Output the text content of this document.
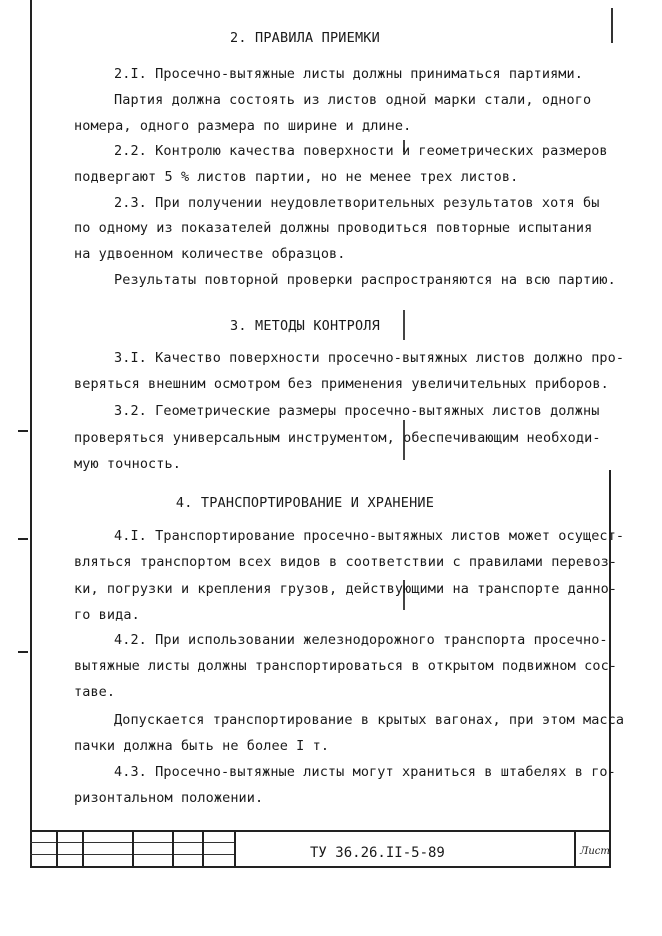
2. ПРАВИЛА ПРИЕМКИ
2.I. Просечно-вытяжные листы должны приниматься партиями.
Партия должна состоять из листов одной марки стали, одного
номера, одного размера по ширине и длине.
2.2. Контролю качества поверхности и геометрических размеров
подвергают 5 % листов партии, но не менее трех листов.
2.3. При получении неудовлетворительных результатов хотя бы
по одному из показателей должны проводиться повторные испытания
на удвоенном количестве образцов.
Результаты повторной проверки распространяются на всю партию.
3. МЕТОДЫ КОНТРОЛЯ
3.I. Качество поверхности просечно-вытяжных листов должно про-
веряться внешним осмотром без применения увеличительных приборов.
3.2. Геометрические размеры просечно-вытяжных листов должны
проверяться универсальным инструментом, обеспечивающим необходи-
мую точность.
4. ТРАНСПОРТИРОВАНИЕ И ХРАНЕНИЕ
4.I. Транспортирование просечно-вытяжных листов может осущест-
вляться транспортом всех видов в соответствии с правилами перевоз-
ки, погрузки и крепления грузов, действующими на транспорте данно-
го вида.
4.2. При использовании железнодорожного транспорта просечно-
вытяжные листы должны транспортироваться в открытом подвижном сос-
таве.
Допускается транспортирование в крытых вагонах, при этом масса
пачки должна быть не более I т.
4.3. Просечно-вытяжные листы могут храниться в штабелях в го-
ризонтальном положении.
ТУ 36.26.II-5-89	Лист
